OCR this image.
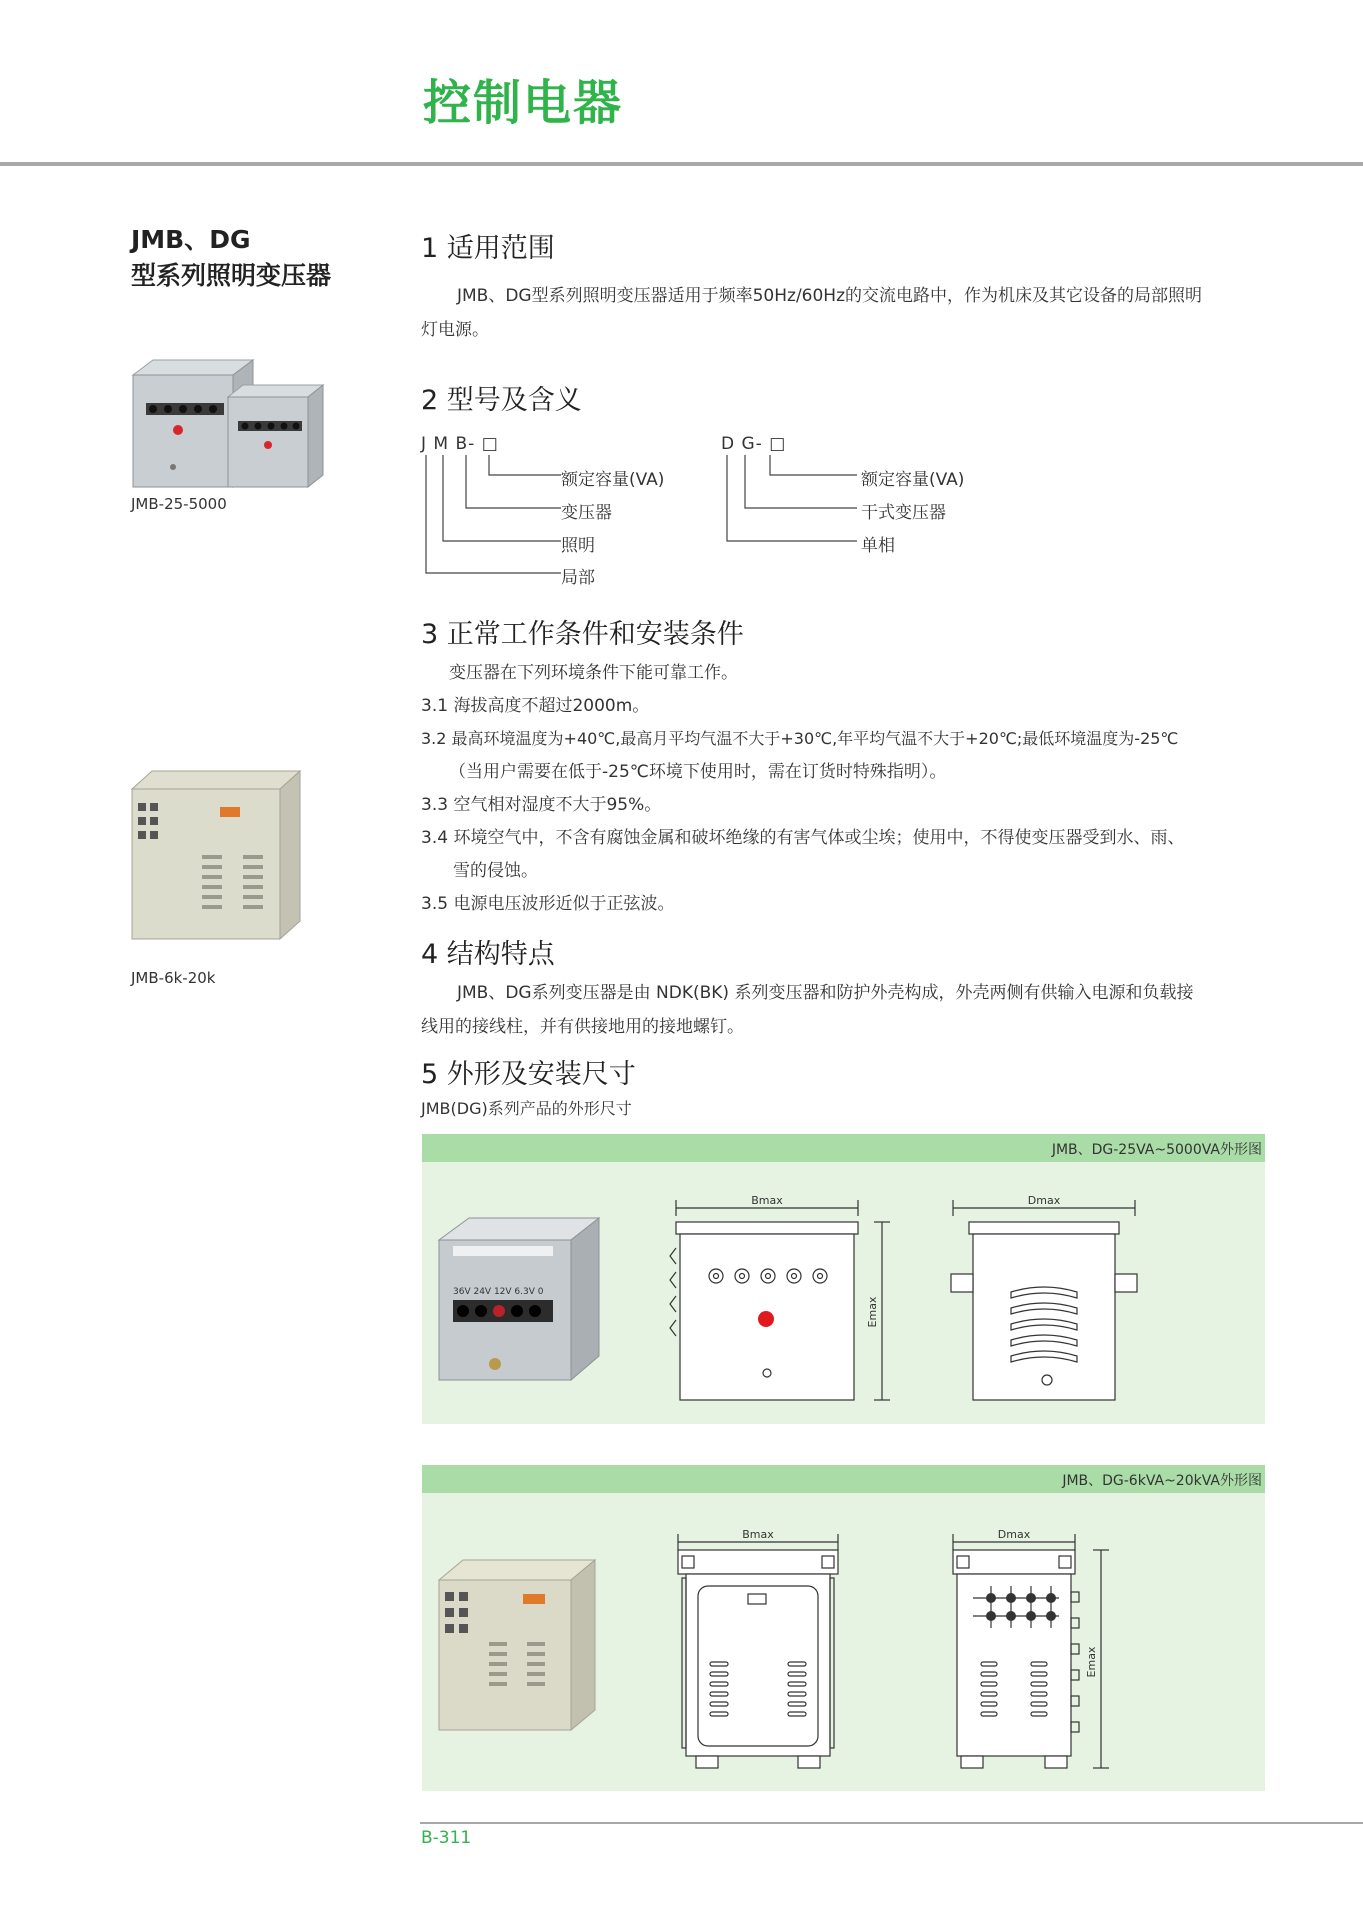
控制电器
JMB、DG
型系列照明变压器
JMB-25-5000
JMB-6k-20k
1 适用范围
JMB、DG型系列照明变压器适用于频率50Hz/60Hz的交流电路中，作为机床及其它设备的局部照明
灯电源。
2 型号及含义
J M B- □
额定容量(VA)
变压器
照明
局部
D G- □
额定容量(VA)
干式变压器
单相
3 正常工作条件和安装条件
变压器在下列环境条件下能可靠工作。
3.1 海拔高度不超过2000m。
3.2 最高环境温度为+40℃,最高月平均气温不大于+30℃,年平均气温不大于+20℃;最低环境温度为-25℃
（当用户需要在低于-25℃环境下使用时，需在订货时特殊指明）。
3.3 空气相对湿度不大于95%。
3.4 环境空气中，不含有腐蚀金属和破坏绝缘的有害气体或尘埃；使用中，不得使变压器受到水、雨、
雪的侵蚀。
3.5 电源电压波形近似于正弦波。
4 结构特点
JMB、DG系列变压器是由 NDK(BK) 系列变压器和防护外壳构成，外壳两侧有供输入电源和负载接
线用的接线柱，并有供接地用的接地螺钉。
5 外形及安装尺寸
JMB(DG)系列产品的外形尺寸
JMB、DG-25VA~5000VA外形图
36V 24V 12V 6.3V 0
Bmax
Emax
Dmax
JMB、DG-6kVA~20kVA外形图
Bmax	Dmax
Emax
B-311
